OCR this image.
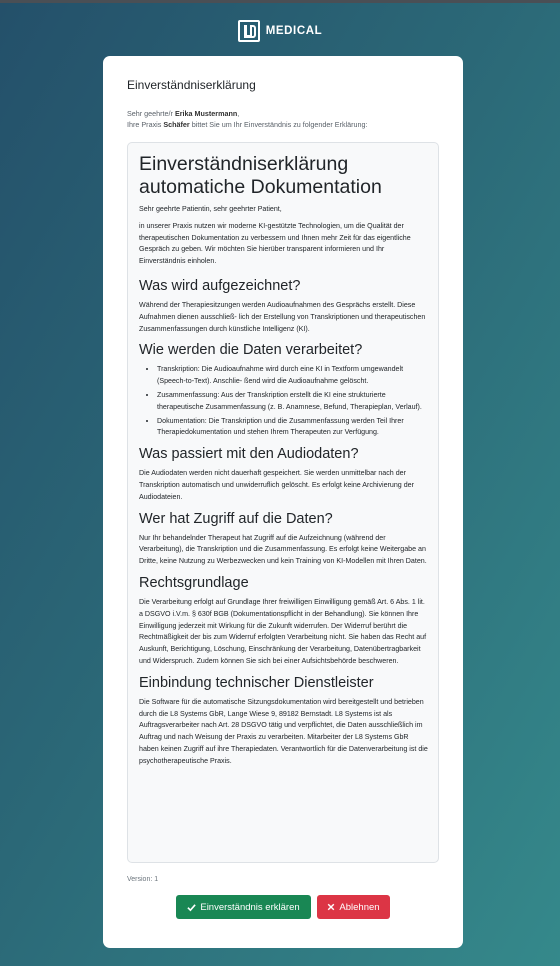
MEDICAL
Einverständniserklärung
Sehr geehrte/r Erika Mustermann,
Ihre Praxis Schäfer bittet Sie um Ihr Einverständnis zu folgender Erklärung:
Einverständniserklärung automatiche Dokumentation

Sehr geehrte Patientin, sehr geehrter Patient,

in unserer Praxis nutzen wir moderne KI-gestützte Technologien, um die Qualität der therapeutischen Dokumentation zu verbessern und Ihnen mehr Zeit für das eigentliche Gespräch zu geben. Wir möchten Sie hierüber transparent informieren und Ihr Einverständnis einholen.

Was wird aufgezeichnet?

Während der Therapiesitzungen werden Audioaufnahmen des Gesprächs erstellt. Diese Aufnahmen dienen ausschließ- lich der Erstellung von Transkriptionen und therapeutischen Zusammenfassungen durch künstliche Intelligenz (KI).

Wie werden die Daten verarbeitet?
• Transkription: Die Audioaufnahme wird durch eine KI in Textform umgewandelt (Speech-to-Text). Anschlie- ßend wird die Audioaufnahme gelöscht.
• Zusammenfassung: Aus der Transkription erstellt die KI eine strukturierte therapeutische Zusammenfassung (z. B. Anamnese, Befund, Therapieplan, Verlauf).
• Dokumentation: Die Transkription und die Zusammenfassung werden Teil Ihrer Therapiedokumentation und stehen Ihrem Therapeuten zur Verfügung.
Was passiert mit den Audiodaten?

Die Audiodaten werden nicht dauerhaft gespeichert. Sie werden unmittelbar nach der Transkription automatisch und unwiderruflich gelöscht. Es erfolgt keine Archivierung der Audiodateien.

Wer hat Zugriff auf die Daten?

Nur Ihr behandelnder Therapeut hat Zugriff auf die Aufzeichnung (während der Verarbeitung), die Transkription und die Zusammenfassung. Es erfolgt keine Weitergabe an Dritte, keine Nutzung zu Werbezwecken und kein Training von KI-Modellen mit Ihren Daten.

Rechtsgrundlage

Die Verarbeitung erfolgt auf Grundlage Ihrer freiwilligen Einwilligung gemäß Art. 6 Abs. 1 lit. a DSGVO i.V.m. § 630f BGB (Dokumentationspflicht in der Behandlung). Sie können Ihre Einwilligung jederzeit mit Wirkung für die Zukunft widerrufen. Der Widerruf berührt die Rechtmäßigkeit der bis zum Widerruf erfolgten Verarbeitung nicht. Sie haben das Recht auf Auskunft, Berichtigung, Löschung, Einschränkung der Verarbeitung, Datenübertragbarkeit und Widerspruch. Zudem können Sie sich bei einer Aufsichtsbehörde beschweren.

Einbindung technischer Dienstleister

Die Software für die automatische Sitzungsdokumentation wird bereitgestellt und betrieben durch die L8 Systems GbR, Lange Wiese 9, 89182 Bernstadt. L8 Systems ist als Auftragsverarbeiter nach Art. 28 DSGVO tätig und verpflichtet, die Daten ausschließlich im Auftrag und nach Weisung der Praxis zu verarbeiten. Mitarbeiter der L8 Systems GbR haben keinen Zugriff auf ihre Therapiedaten. Verantwortlich für die Datenverarbeitung ist die psychotherapeutische Praxis.

Version: 1
Einverständnis erklären	Ablehnen
